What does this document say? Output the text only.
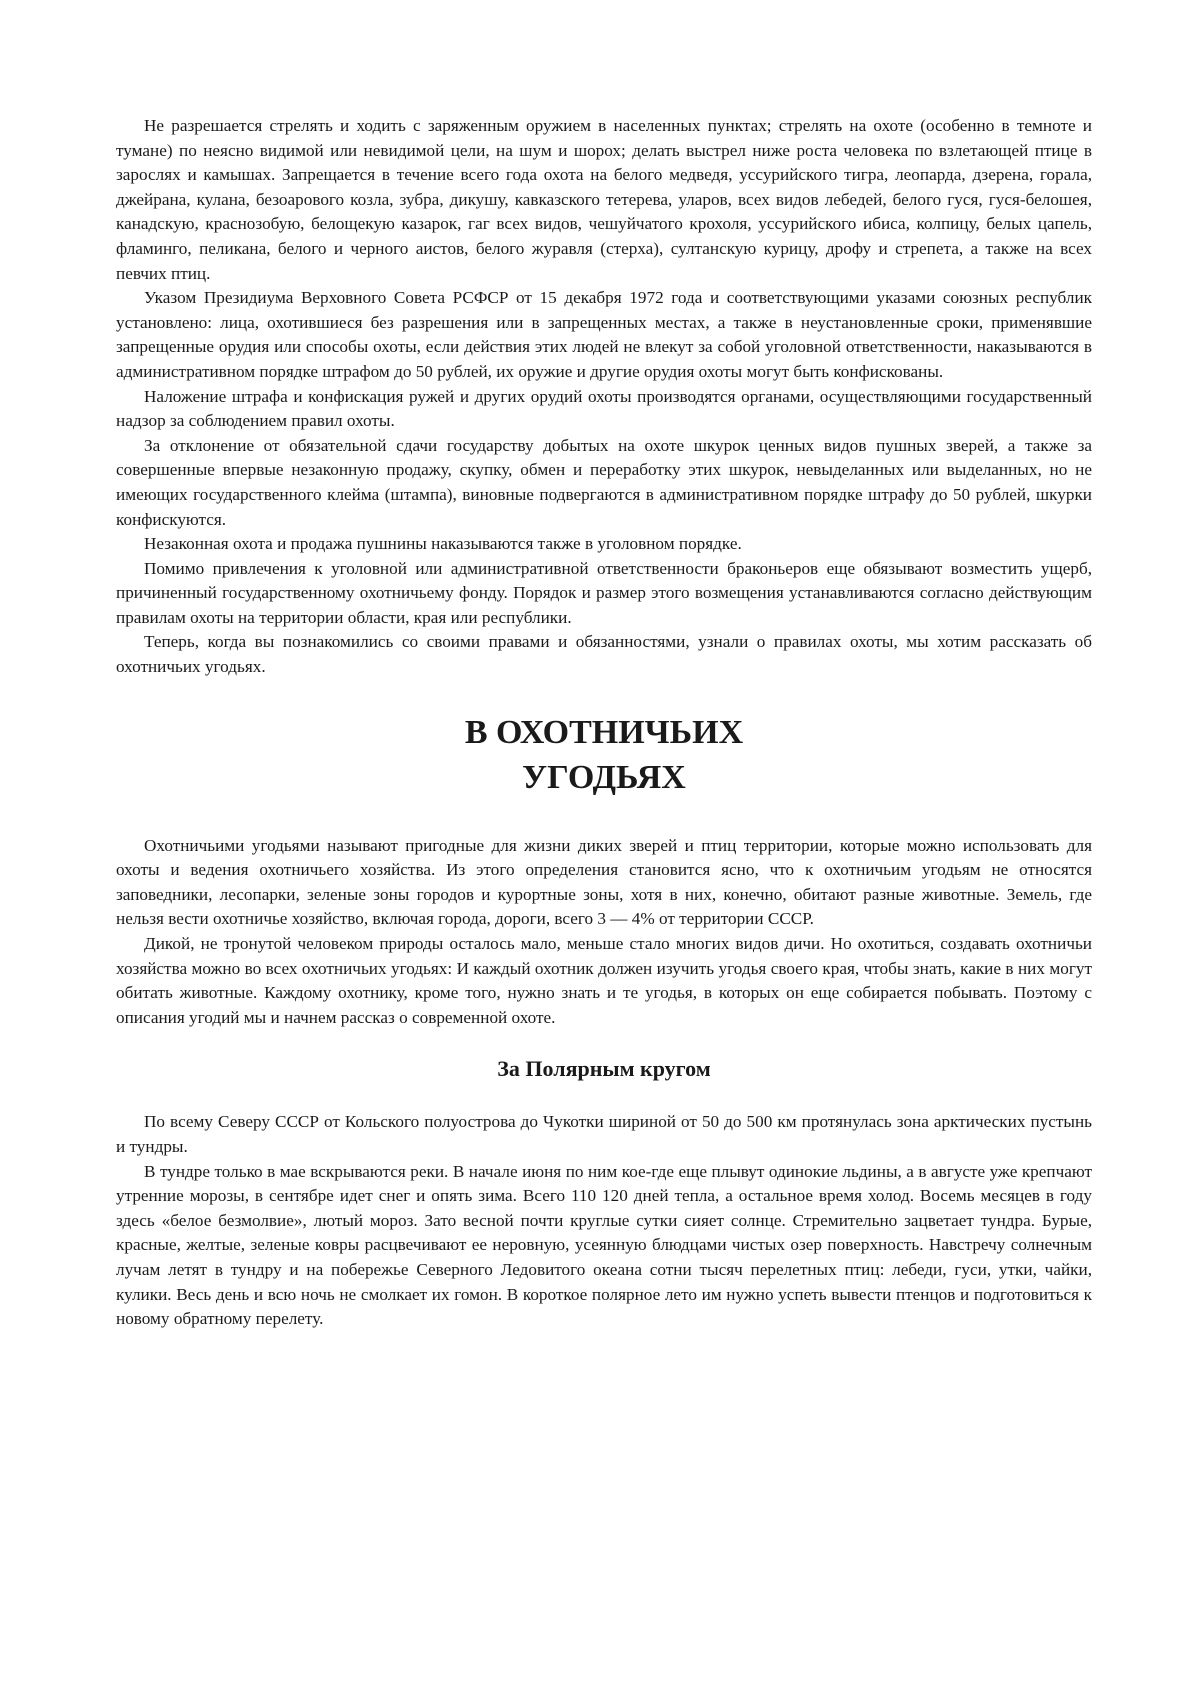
Не разрешается стрелять и ходить с заряженным оружием в населенных пунктах; стрелять на охоте (особенно в темноте и тумане) по неясно видимой или невидимой цели, на шум и шорох; делать выстрел ниже роста человека по взлетающей птице в зарослях и камышах. Запрещается в течение всего года охота на белого медведя, уссурийского тигра, леопарда, дзерена, горала, джейрана, кулана, безоарового козла, зубра, дикушу, кавказского тетерева, уларов, всех видов лебедей, белого гуся, гуся-белошея, канадскую, краснозобую, белощекую казарок, гаг всех видов, чешуйчатого крохоля, уссурийского ибиса, колпицу, белых цапель, фламинго, пеликана, белого и черного аистов, белого журавля (стерха), султанскую курицу, дрофу и стрепета, а также на всех певчих птиц.

Указом Президиума Верховного Совета РСФСР от 15 декабря 1972 года и соответствующими указами союзных республик установлено: лица, охотившиеся без разрешения или в запрещенных местах, а также в неустановленные сроки, применявшие запрещенные орудия или способы охоты, если действия этих людей не влекут за собой уголовной ответственности, наказываются в административном порядке штрафом до 50 рублей, их оружие и другие орудия охоты могут быть конфискованы.

Наложение штрафа и конфискация ружей и других орудий охоты производятся органами, осуществляющими государственный надзор за соблюдением правил охоты.

За отклонение от обязательной сдачи государству добытых на охоте шкурок ценных видов пушных зверей, а также за совершенные впервые незаконную продажу, скупку, обмен и переработку этих шкурок, невыделанных или выделанных, но не имеющих государственного клейма (штампа), виновные подвергаются в административном порядке штрафу до 50 рублей, шкурки конфискуются.

Незаконная охота и продажа пушнины наказываются также в уголовном порядке.

Помимо привлечения к уголовной или административной ответственности браконьеров еще обязывают возместить ущерб, причиненный государственному охотничьему фонду. Порядок и размер этого возмещения устанавливаются согласно действующим правилам охоты на территории области, края или республики.

Теперь, когда вы познакомились со своими правами и обязанностями, узнали о правилах охоты, мы хотим рассказать об охотничьих угодьях.

В ОХОТНИЧЬИХ
УГОДЬЯХ

Охотничьими угодьями называют пригодные для жизни диких зверей и птиц территории, которые можно использовать для охоты и ведения охотничьего хозяйства. Из этого определения становится ясно, что к охотничьим угодьям не относятся заповедники, лесопарки, зеленые зоны городов и курортные зоны, хотя в них, конечно, обитают разные животные. Земель, где нельзя вести охотничье хозяйство, включая города, дороги, всего 3 — 4% от территории СССР.

Дикой, не тронутой человеком природы осталось мало, меньше стало многих видов дичи. Но охотиться, создавать охотничьи хозяйства можно во всех охотничьих угодьях: И каждый охотник должен изучить угодья своего края, чтобы знать, какие в них могут обитать животные. Каждому охотнику, кроме того, нужно знать и те угодья, в которых он еще собирается побывать. Поэтому с описания угодий мы и начнем рассказ о современной охоте.

За Полярным кругом

По всему Северу СССР от Кольского полуострова до Чукотки шириной от 50 до 500 км протянулась зона арктических пустынь и тундры.

В тундре только в мае вскрываются реки. В начале июня по ним кое-где еще плывут одинокие льдины, а в августе уже крепчают утренние морозы, в сентябре идет снег и опять зима. Всего 110 120 дней тепла, а остальное время холод. Восемь месяцев в году здесь «белое безмолвие», лютый мороз. Зато весной почти круглые сутки сияет солнце. Стремительно зацветает тундра. Бурые, красные, желтые, зеленые ковры расцвечивают ее неровную, усеянную блюдцами чистых озер поверхность. Навстречу солнечным лучам летят в тундру и на побережье Северного Ледовитого океана сотни тысяч перелетных птиц: лебеди, гуси, утки, чайки, кулики. Весь день и всю ночь не смолкает их гомон. В короткое полярное лето им нужно успеть вывести птенцов и подготовиться к новому обратному перелету.
